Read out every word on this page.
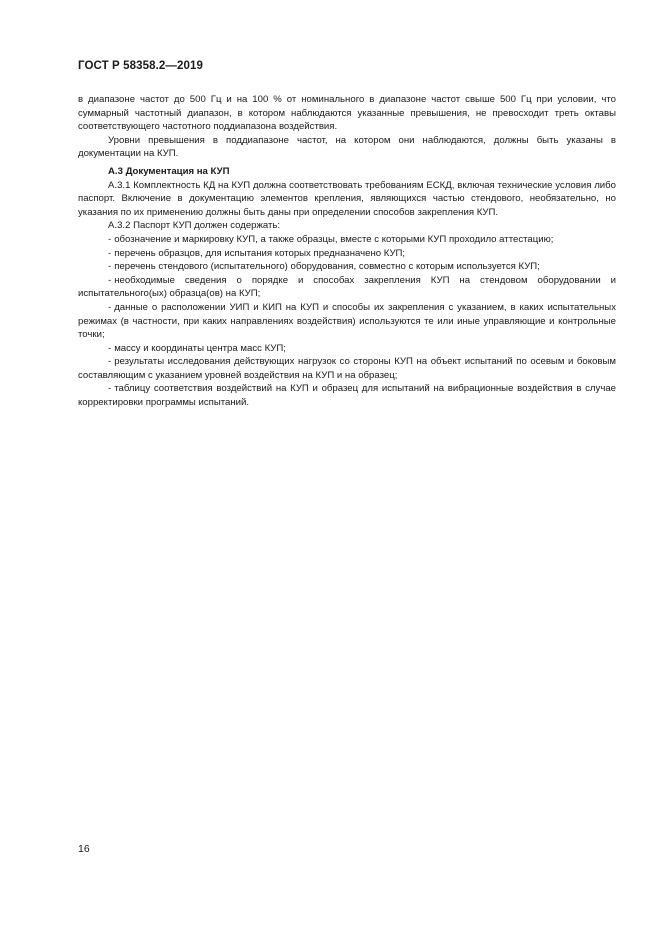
ГОСТ Р 58358.2—2019

в диапазоне частот до 500 Гц и на 100 % от номинального в диапазоне частот свыше 500 Гц при условии, что суммарный частотный диапазон, в котором наблюдаются указанные превышения, не превосходит треть октавы соответствующего частотного поддиапазона воздействия.

Уровни превышения в поддиапазоне частот, на котором они наблюдаются, должны быть указаны в документации на КУП.

А.3 Документация на КУП

А.3.1 Комплектность КД на КУП должна соответствовать требованиям ЕСКД, включая технические условия либо паспорт. Включение в документацию элементов крепления, являющихся частью стендового, необязательно, но указания по их применению должны быть даны при определении способов закрепления КУП.

А.3.2 Паспорт КУП должен содержать:

- обозначение и маркировку КУП, а также образцы, вместе с которыми КУП проходило аттестацию;
- перечень образцов, для испытания которых предназначено КУП;
- перечень стендового (испытательного) оборудования, совместно с которым используется КУП;
- необходимые сведения о порядке и способах закрепления КУП на стендовом оборудовании и испытательного(ых) образца(ов) на КУП;
- данные о расположении УИП и КИП на КУП и способы их закрепления с указанием, в каких испытательных режимах (в частности, при каких направлениях воздействия) используются те или иные управляющие и контрольные точки;
- массу и координаты центра масс КУП;
- результаты исследования действующих нагрузок со стороны КУП на объект испытаний по осевым и боковым составляющим с указанием уровней воздействия на КУП и на образец;
- таблицу соответствия воздействий на КУП и образец для испытаний на вибрационные воздействия в случае корректировки программы испытаний.
16
